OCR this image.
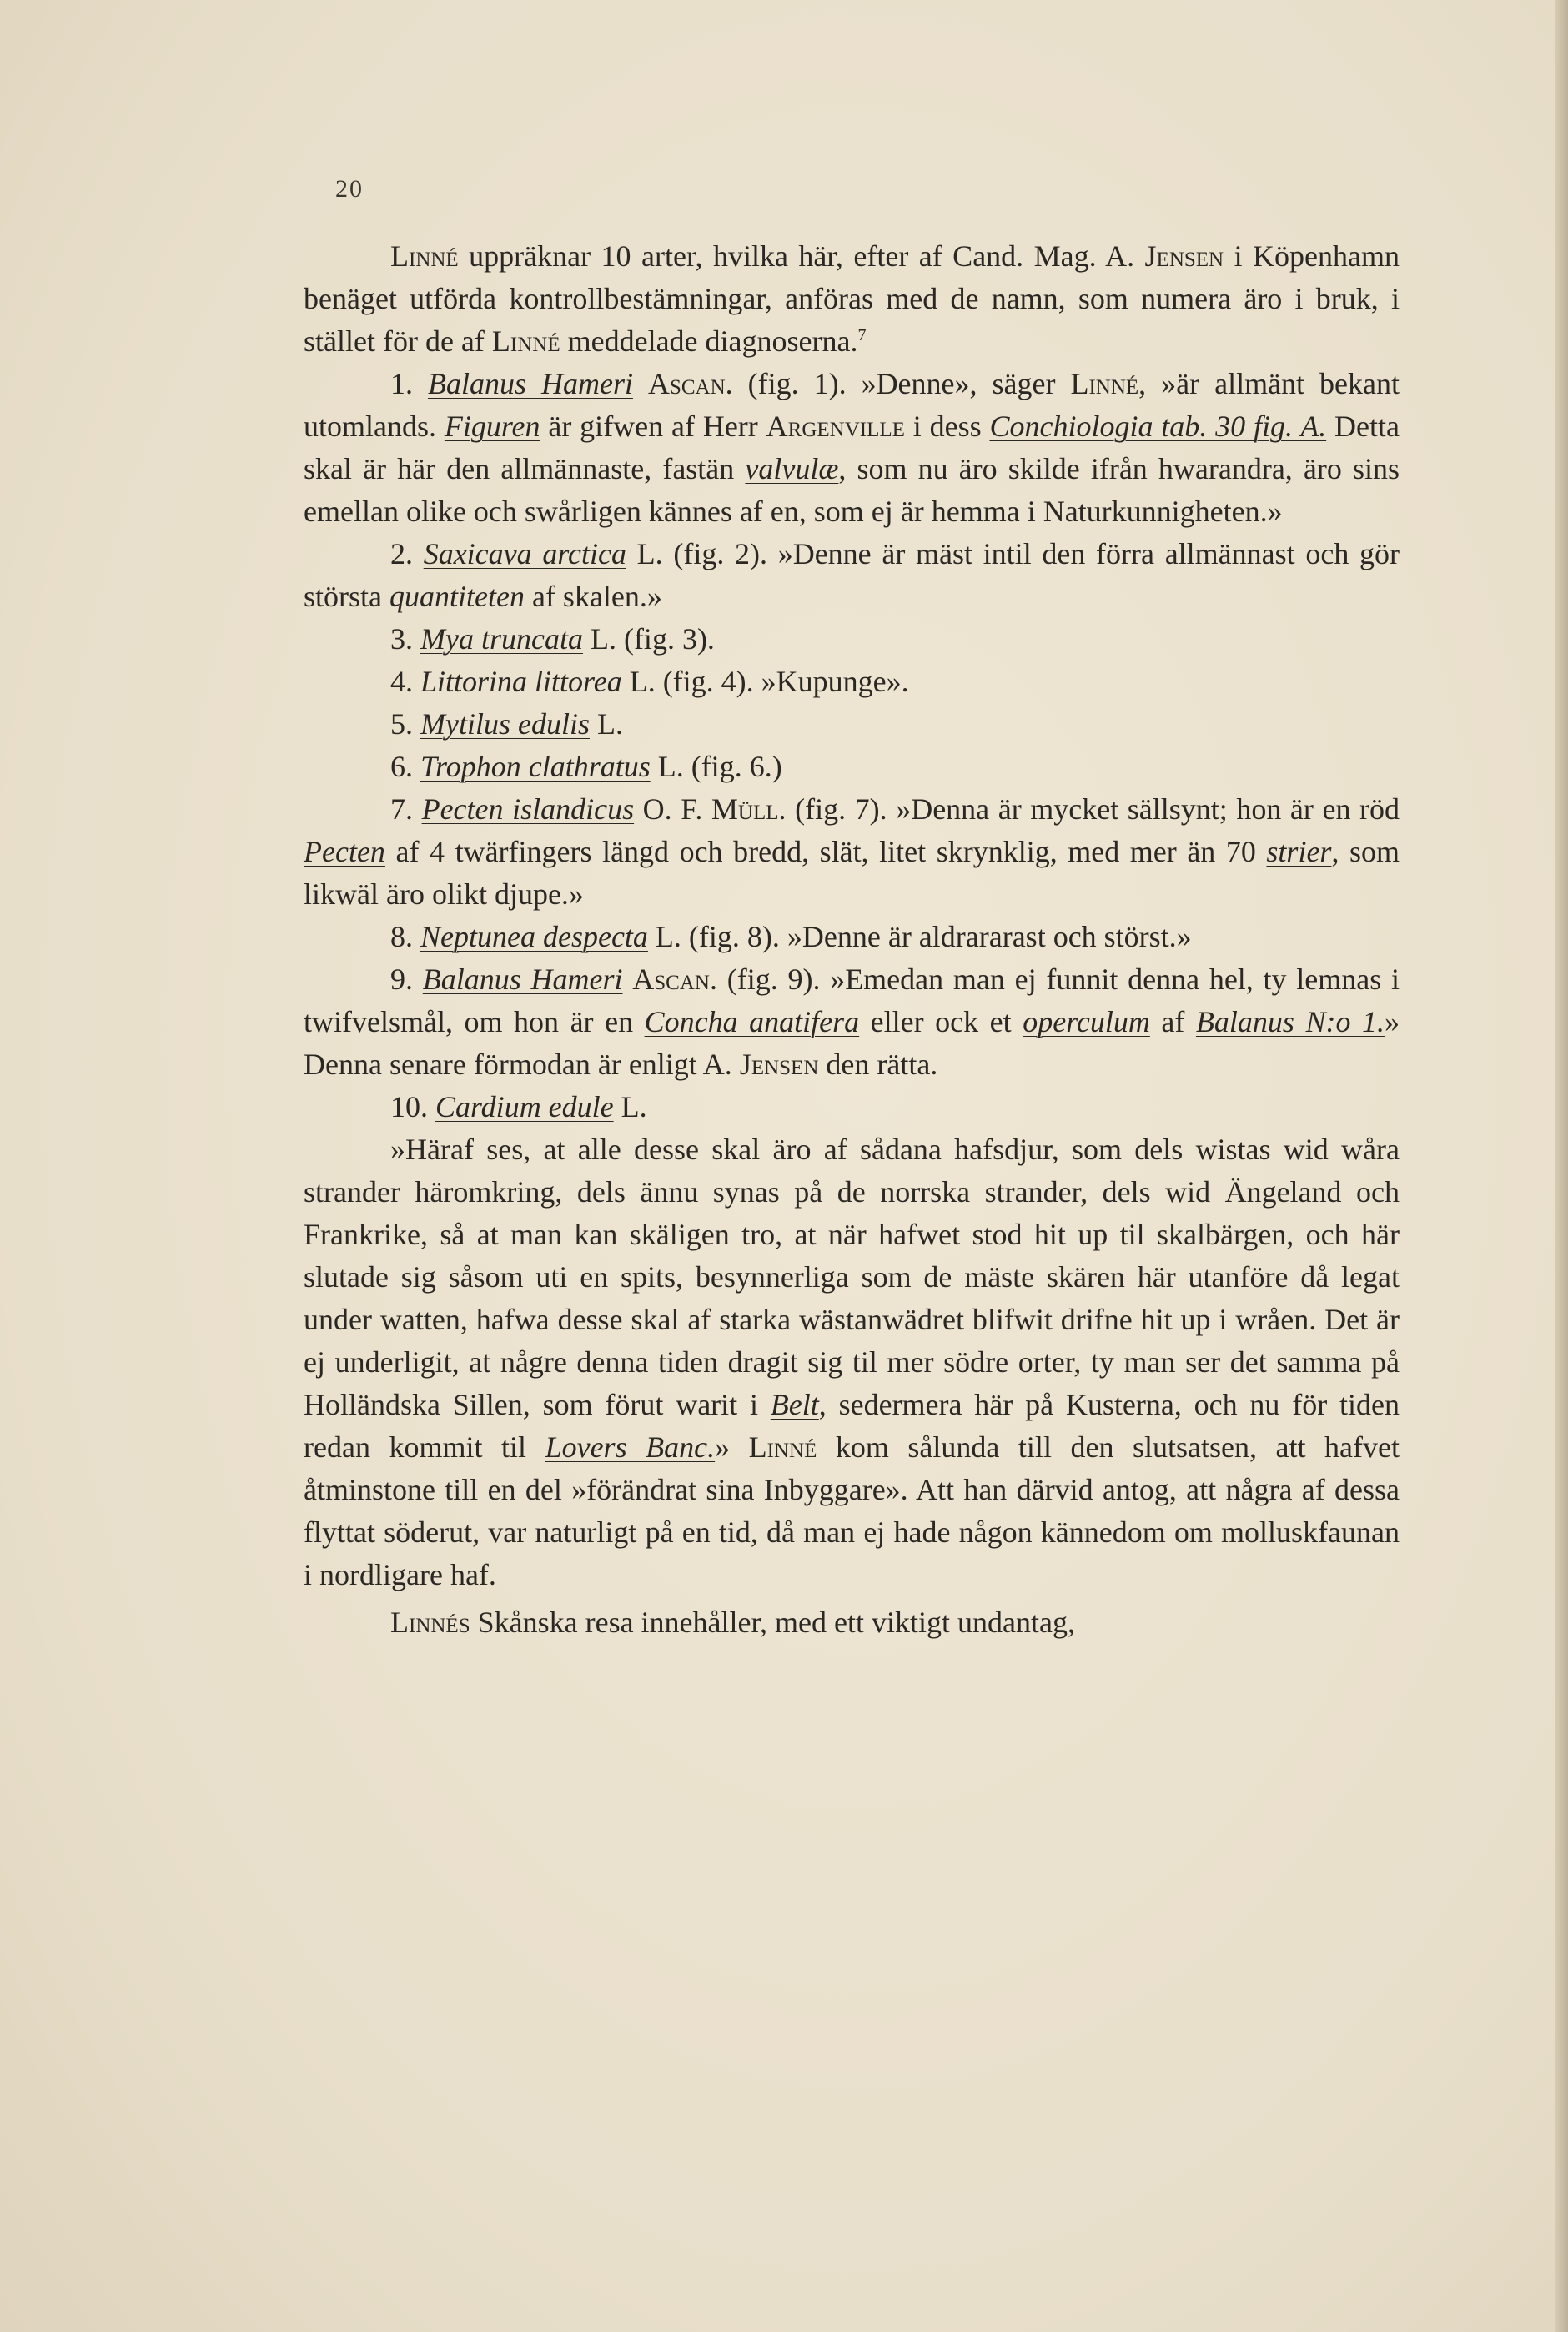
20

Linné uppräknar 10 arter, hvilka här, efter af Cand. Mag. A. Jensen i Köpenhamn benäget utförda kontrollbestämningar, anföras med de namn, som numera äro i bruk, i stället för de af Linné meddelade diagnoserna.$^7$

1. Balanus Hameri Ascan. (fig. 1). »Denne», säger Linné, »är allmänt bekant utomlands. Figuren är gifwen af Herr Argenville i dess Conchiologia tab. 30 fig. A. Detta skal är här den allmännaste, fastän valvulæ, som nu äro skilde ifrån hwarandra, äro sins emellan olike och swårligen kännes af en, som ej är hemma i Naturkunnigheten.»

2. Saxicava arctica L. (fig. 2). »Denne är mäst intil den förra allmännast och gör största quantiteten af skalen.»

3. Mya truncata L. (fig. 3).

4. Littorina littorea L. (fig. 4). »Kupunge».

5. Mytilus edulis L.

6. Trophon clathratus L. (fig. 6.)

7. Pecten islandicus O. F. Müll. (fig. 7). »Denna är mycket sällsynt; hon är en röd Pecten af 4 twärfingers längd och bredd, slät, litet skrynklig, med mer än 70 strier, som likwäl äro olikt djupe.»

8. Neptunea despecta L. (fig. 8). »Denne är aldrararast och störst.»

9. Balanus Hameri Ascan. (fig. 9). »Emedan man ej funnit denna hel, ty lemnas i twifvelsmål, om hon är en Concha anatifera eller ock et operculum af Balanus N:o 1.» Denna senare förmodan är enligt A. Jensen den rätta.

10. Cardium edule L.

»Häraf ses, at alle desse skal äro af sådana hafsdjur, som dels wistas wid wåra strander häromkring, dels ännu synas på de norrska strander, dels wid Ängeland och Frankrike, så at man kan skäligen tro, at när hafwet stod hit up til skalbärgen, och här slutade sig såsom uti en spits, besynnerliga som de mäste skären här utanföre då legat under watten, hafwa desse skal af starka wästanwädret blifwit drifne hit up i wråen. Det är ej underligit, at någre denna tiden dragit sig til mer södre orter, ty man ser det samma på Holländska Sillen, som förut warit i Belt, sedermera här på Kusterna, och nu för tiden redan kommit til Lovers Banc.» Linné kom sålunda till den slutsatsen, att hafvet åtminstone till en del »förändrat sina Inbyggare». Att han därvid antog, att några af dessa flyttat söderut, var naturligt på en tid, då man ej hade någon kännedom om molluskfaunan i nordligare haf.

Linnés Skånska resa innehåller, med ett viktigt undantag,
